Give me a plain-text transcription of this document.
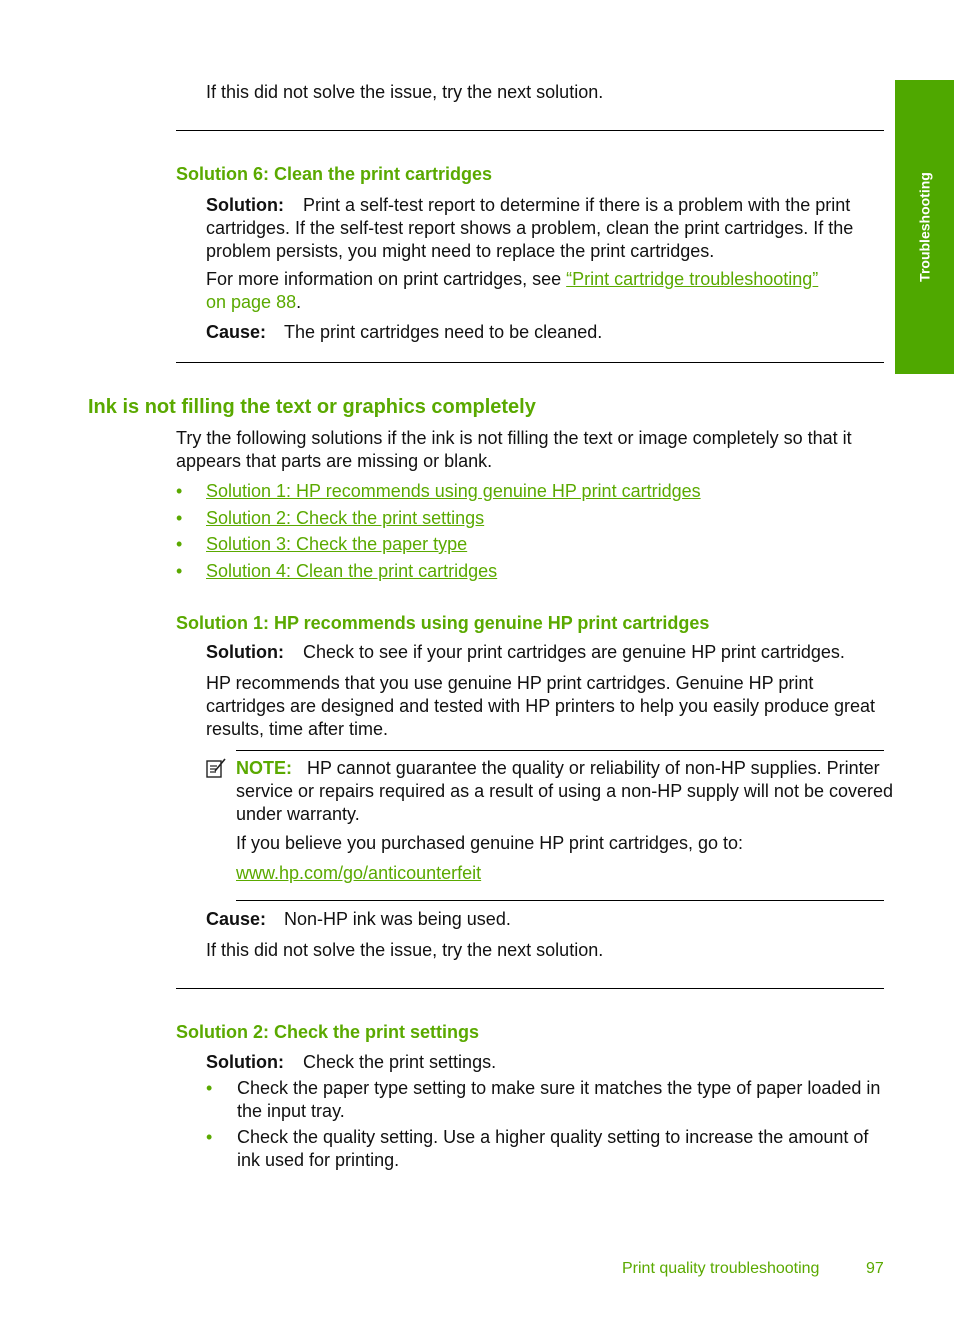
Troubleshooting
If this did not solve the issue, try the next solution.
Solution 6: Clean the print cartridges
Solution: Print a self-test report to determine if there is a problem with the print
cartridges. If the self-test report shows a problem, clean the print cartridges. If the
problem persists, you might need to replace the print cartridges.
For more information on print cartridges, see “Print cartridge troubleshooting”
on page 88.
Cause: The print cartridges need to be cleaned.
Ink is not filling the text or graphics completely
Try the following solutions if the ink is not filling the text or image completely so that it
appears that parts are missing or blank.
• Solution 1: HP recommends using genuine HP print cartridges
• Solution 2: Check the print settings
• Solution 3: Check the paper type
• Solution 4: Clean the print cartridges
Solution 1: HP recommends using genuine HP print cartridges
Solution: Check to see if your print cartridges are genuine HP print cartridges.
HP recommends that you use genuine HP print cartridges. Genuine HP print
cartridges are designed and tested with HP printers to help you easily produce great
results, time after time.
NOTE: HP cannot guarantee the quality or reliability of non-HP supplies. Printer
service or repairs required as a result of using a non-HP supply will not be covered
under warranty.
If you believe you purchased genuine HP print cartridges, go to:
www.hp.com/go/anticounterfeit
Cause: Non-HP ink was being used.
If this did not solve the issue, try the next solution.
Solution 2: Check the print settings
Solution: Check the print settings.
• Check the paper type setting to make sure it matches the type of paper loaded in
the input tray.
• Check the quality setting. Use a higher quality setting to increase the amount of
ink used for printing.
Print quality troubleshooting	97
